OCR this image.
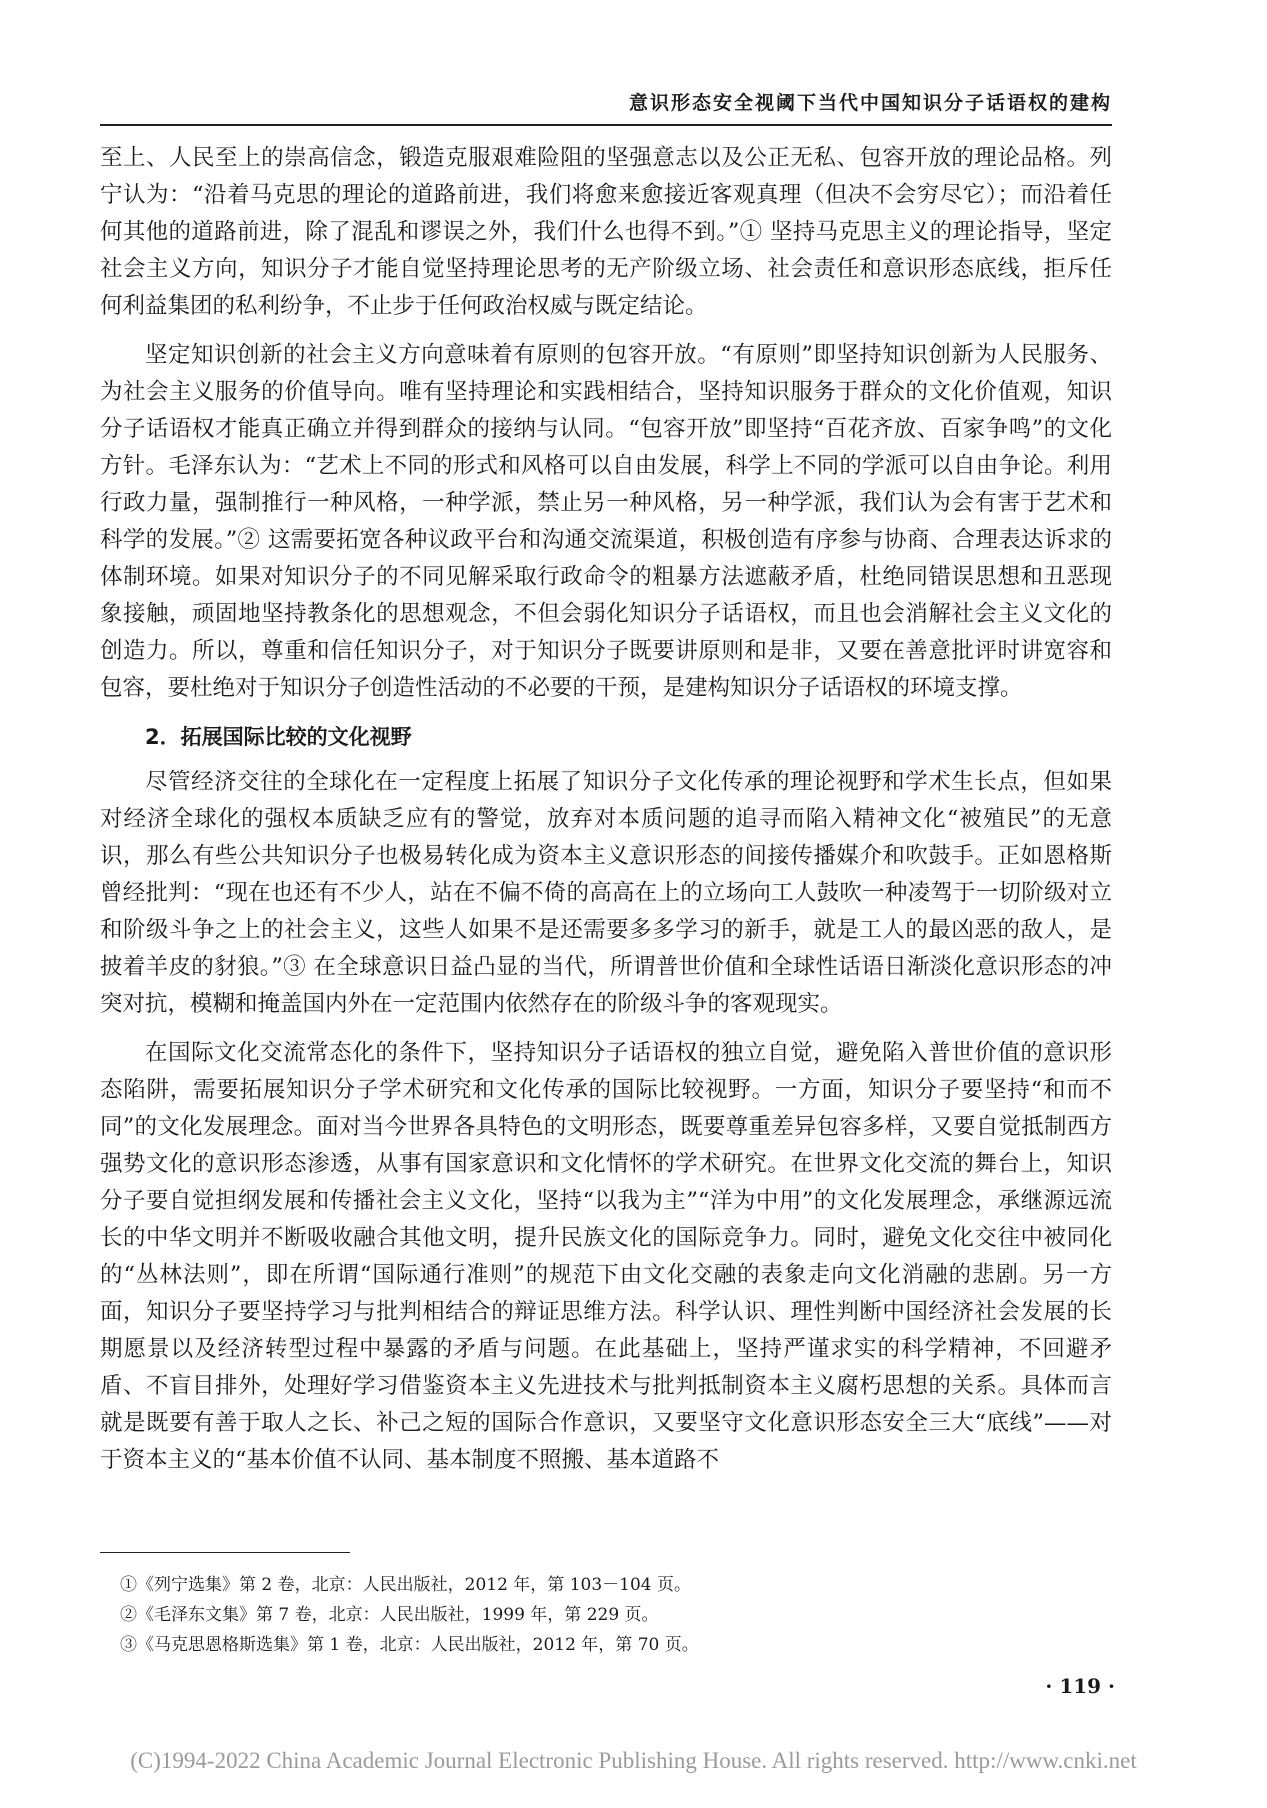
意识形态安全视阈下当代中国知识分子话语权的建构

至上、人民至上的崇高信念，锻造克服艰难险阻的坚强意志以及公正无私、包容开放的理论品格。列宁认为：“沿着马克思的理论的道路前进，我们将愈来愈接近客观真理（但决不会穷尽它）；而沿着任何其他的道路前进，除了混乱和谬误之外，我们什么也得不到。”① 坚持马克思主义的理论指导，坚定社会主义方向，知识分子才能自觉坚持理论思考的无产阶级立场、社会责任和意识形态底线，拒斥任何利益集团的私利纷争，不止步于任何政治权威与既定结论。

坚定知识创新的社会主义方向意味着有原则的包容开放。“有原则”即坚持知识创新为人民服务、为社会主义服务的价值导向。唯有坚持理论和实践相结合，坚持知识服务于群众的文化价值观，知识分子话语权才能真正确立并得到群众的接纳与认同。“包容开放”即坚持“百花齐放、百家争鸣”的文化方针。毛泽东认为：“艺术上不同的形式和风格可以自由发展，科学上不同的学派可以自由争论。利用行政力量，强制推行一种风格，一种学派，禁止另一种风格，另一种学派，我们认为会有害于艺术和科学的发展。”② 这需要拓宽各种议政平台和沟通交流渠道，积极创造有序参与协商、合理表达诉求的体制环境。如果对知识分子的不同见解采取行政命令的粗暴方法遮蔽矛盾，杜绝同错误思想和丑恶现象接触，顽固地坚持教条化的思想观念，不但会弱化知识分子话语权，而且也会消解社会主义文化的创造力。所以，尊重和信任知识分子，对于知识分子既要讲原则和是非，又要在善意批评时讲宽容和包容，要杜绝对于知识分子创造性活动的不必要的干预，是建构知识分子话语权的环境支撑。

2．拓展国际比较的文化视野

尽管经济交往的全球化在一定程度上拓展了知识分子文化传承的理论视野和学术生长点，但如果对经济全球化的强权本质缺乏应有的警觉，放弃对本质问题的追寻而陷入精神文化“被殖民”的无意识，那么有些公共知识分子也极易转化成为资本主义意识形态的间接传播媒介和吹鼓手。正如恩格斯曾经批判：“现在也还有不少人，站在不偏不倚的高高在上的立场向工人鼓吹一种凌驾于一切阶级对立和阶级斗争之上的社会主义，这些人如果不是还需要多多学习的新手，就是工人的最凶恶的敌人，是披着羊皮的豺狼。”③ 在全球意识日益凸显的当代，所谓普世价值和全球性话语日渐淡化意识形态的冲突对抗，模糊和掩盖国内外在一定范围内依然存在的阶级斗争的客观现实。

在国际文化交流常态化的条件下，坚持知识分子话语权的独立自觉，避免陷入普世价值的意识形态陷阱，需要拓展知识分子学术研究和文化传承的国际比较视野。一方面，知识分子要坚持“和而不同”的文化发展理念。面对当今世界各具特色的文明形态，既要尊重差异包容多样，又要自觉抵制西方强势文化的意识形态渗透，从事有国家意识和文化情怀的学术研究。在世界文化交流的舞台上，知识分子要自觉担纲发展和传播社会主义文化，坚持“以我为主”“洋为中用”的文化发展理念，承继源远流长的中华文明并不断吸收融合其他文明，提升民族文化的国际竞争力。同时，避免文化交往中被同化的“丛林法则”，即在所谓“国际通行准则”的规范下由文化交融的表象走向文化消融的悲剧。另一方面，知识分子要坚持学习与批判相结合的辩证思维方法。科学认识、理性判断中国经济社会发展的长期愿景以及经济转型过程中暴露的矛盾与问题。在此基础上，坚持严谨求实的科学精神，不回避矛盾、不盲目排外，处理好学习借鉴资本主义先进技术与批判抵制资本主义腐朽思想的关系。具体而言就是既要有善于取人之长、补己之短的国际合作意识，又要坚守文化意识形态安全三大“底线”——对于资本主义的“基本价值不认同、基本制度不照搬、基本道路不

①《列宁选集》第 2 卷，北京：人民出版社，2012 年，第 103－104 页。
②《毛泽东文集》第 7 卷，北京：人民出版社，1999 年，第 229 页。
③《马克思恩格斯选集》第 1 卷，北京：人民出版社，2012 年，第 70 页。
· 119 ·
(C)1994-2022 China Academic Journal Electronic Publishing House. All rights reserved. http://www.cnki.net
